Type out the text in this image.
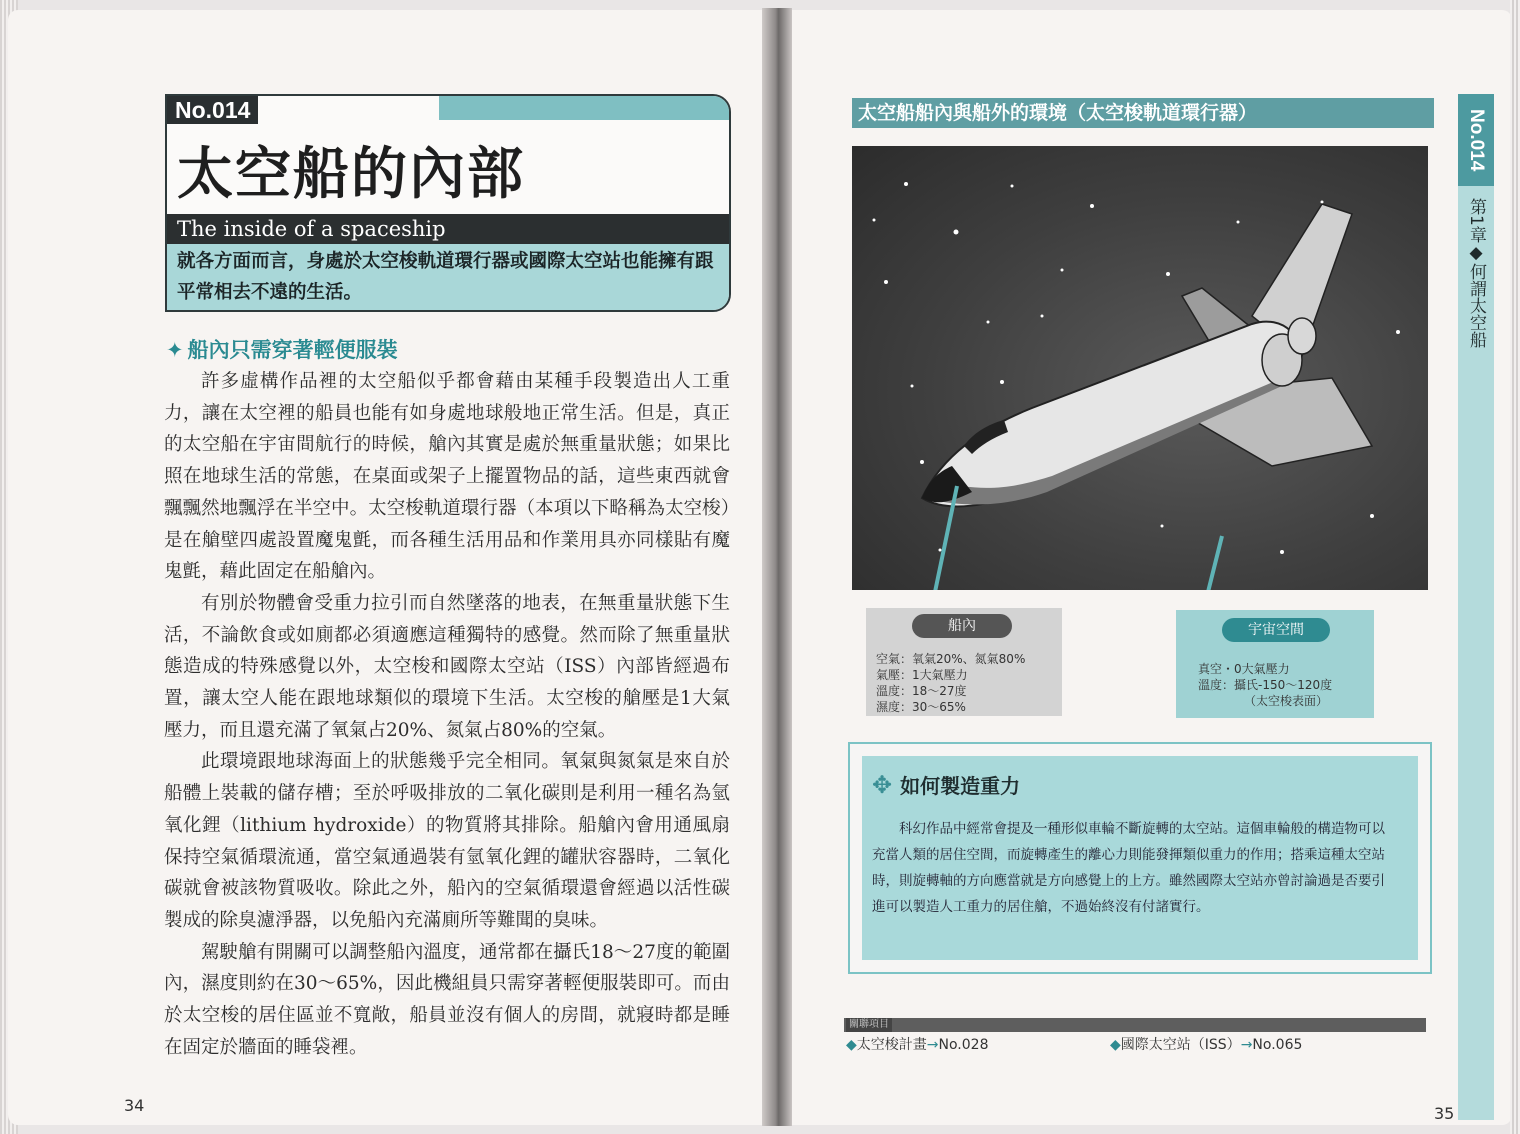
No.014
太空船的內部
The inside of a spaceship
就各方面而言，身處於太空梭軌道環行器或國際太空站也能擁有跟平常相去不遠的生活。
✦ 船內只需穿著輕便服裝

許多虛構作品裡的太空船似乎都會藉由某種手段製造出人工重力，讓在太空裡的船員也能有如身處地球般地正常生活。但是，真正的太空船在宇宙間航行的時候，艙內其實是處於無重量狀態；如果比照在地球生活的常態，在桌面或架子上擺置物品的話，這些東西就會飄飄然地飄浮在半空中。太空梭軌道環行器（本項以下略稱為太空梭）是在艙壁四處設置魔鬼氈，而各種生活用品和作業用具亦同樣貼有魔鬼氈，藉此固定在船艙內。

有別於物體會受重力拉引而自然墜落的地表，在無重量狀態下生活，不論飲食或如廁都必須適應這種獨特的感覺。然而除了無重量狀態造成的特殊感覺以外，太空梭和國際太空站（ISS）內部皆經過布置，讓太空人能在跟地球類似的環境下生活。太空梭的艙壓是1大氣壓力，而且還充滿了氧氣占20%、氮氣占80%的空氣。

此環境跟地球海面上的狀態幾乎完全相同。氧氣與氮氣是來自於船體上裝載的儲存槽；至於呼吸排放的二氧化碳則是利用一種名為氫氧化鋰（lithium hydroxide）的物質將其排除。船艙內會用通風扇保持空氣循環流通，當空氣通過裝有氫氧化鋰的罐狀容器時，二氧化碳就會被該物質吸收。除此之外，船內的空氣循環還會經過以活性碳製成的除臭濾淨器，以免船內充滿廁所等難聞的臭味。

駕駛艙有開關可以調整船內溫度，通常都在攝氏18～27度的範圍內，濕度則約在30～65%，因此機組員只需穿著輕便服裝即可。而由於太空梭的居住區並不寬敞，船員並沒有個人的房間，就寢時都是睡在固定於牆面的睡袋裡。

34
太空船船內與船外的環境（太空梭軌道環行器）
船內
空氣：氧氣20%、氮氣80%
氣壓：1大氣壓力
溫度：18～27度
濕度：30～65%
宇宙空間
真空・0大氣壓力
溫度：攝氏-150～120度
（太空梭表面）
✥ 如何製造重力
科幻作品中經常會提及一種形似車輪不斷旋轉的太空站。這個車輪般的構造物可以充當人類的居住空間，而旋轉產生的離心力則能發揮類似重力的作用；搭乘這種太空站時，則旋轉軸的方向應當就是方向感覺上的上方。雖然國際太空站亦曾討論過是否要引進可以製造人工重力的居住艙，不過始終沒有付諸實行。
關聯項目
◆太空梭計畫→No.028	◆國際太空站（ISS）→No.065
No.014
第1章◆何謂太空船
35
